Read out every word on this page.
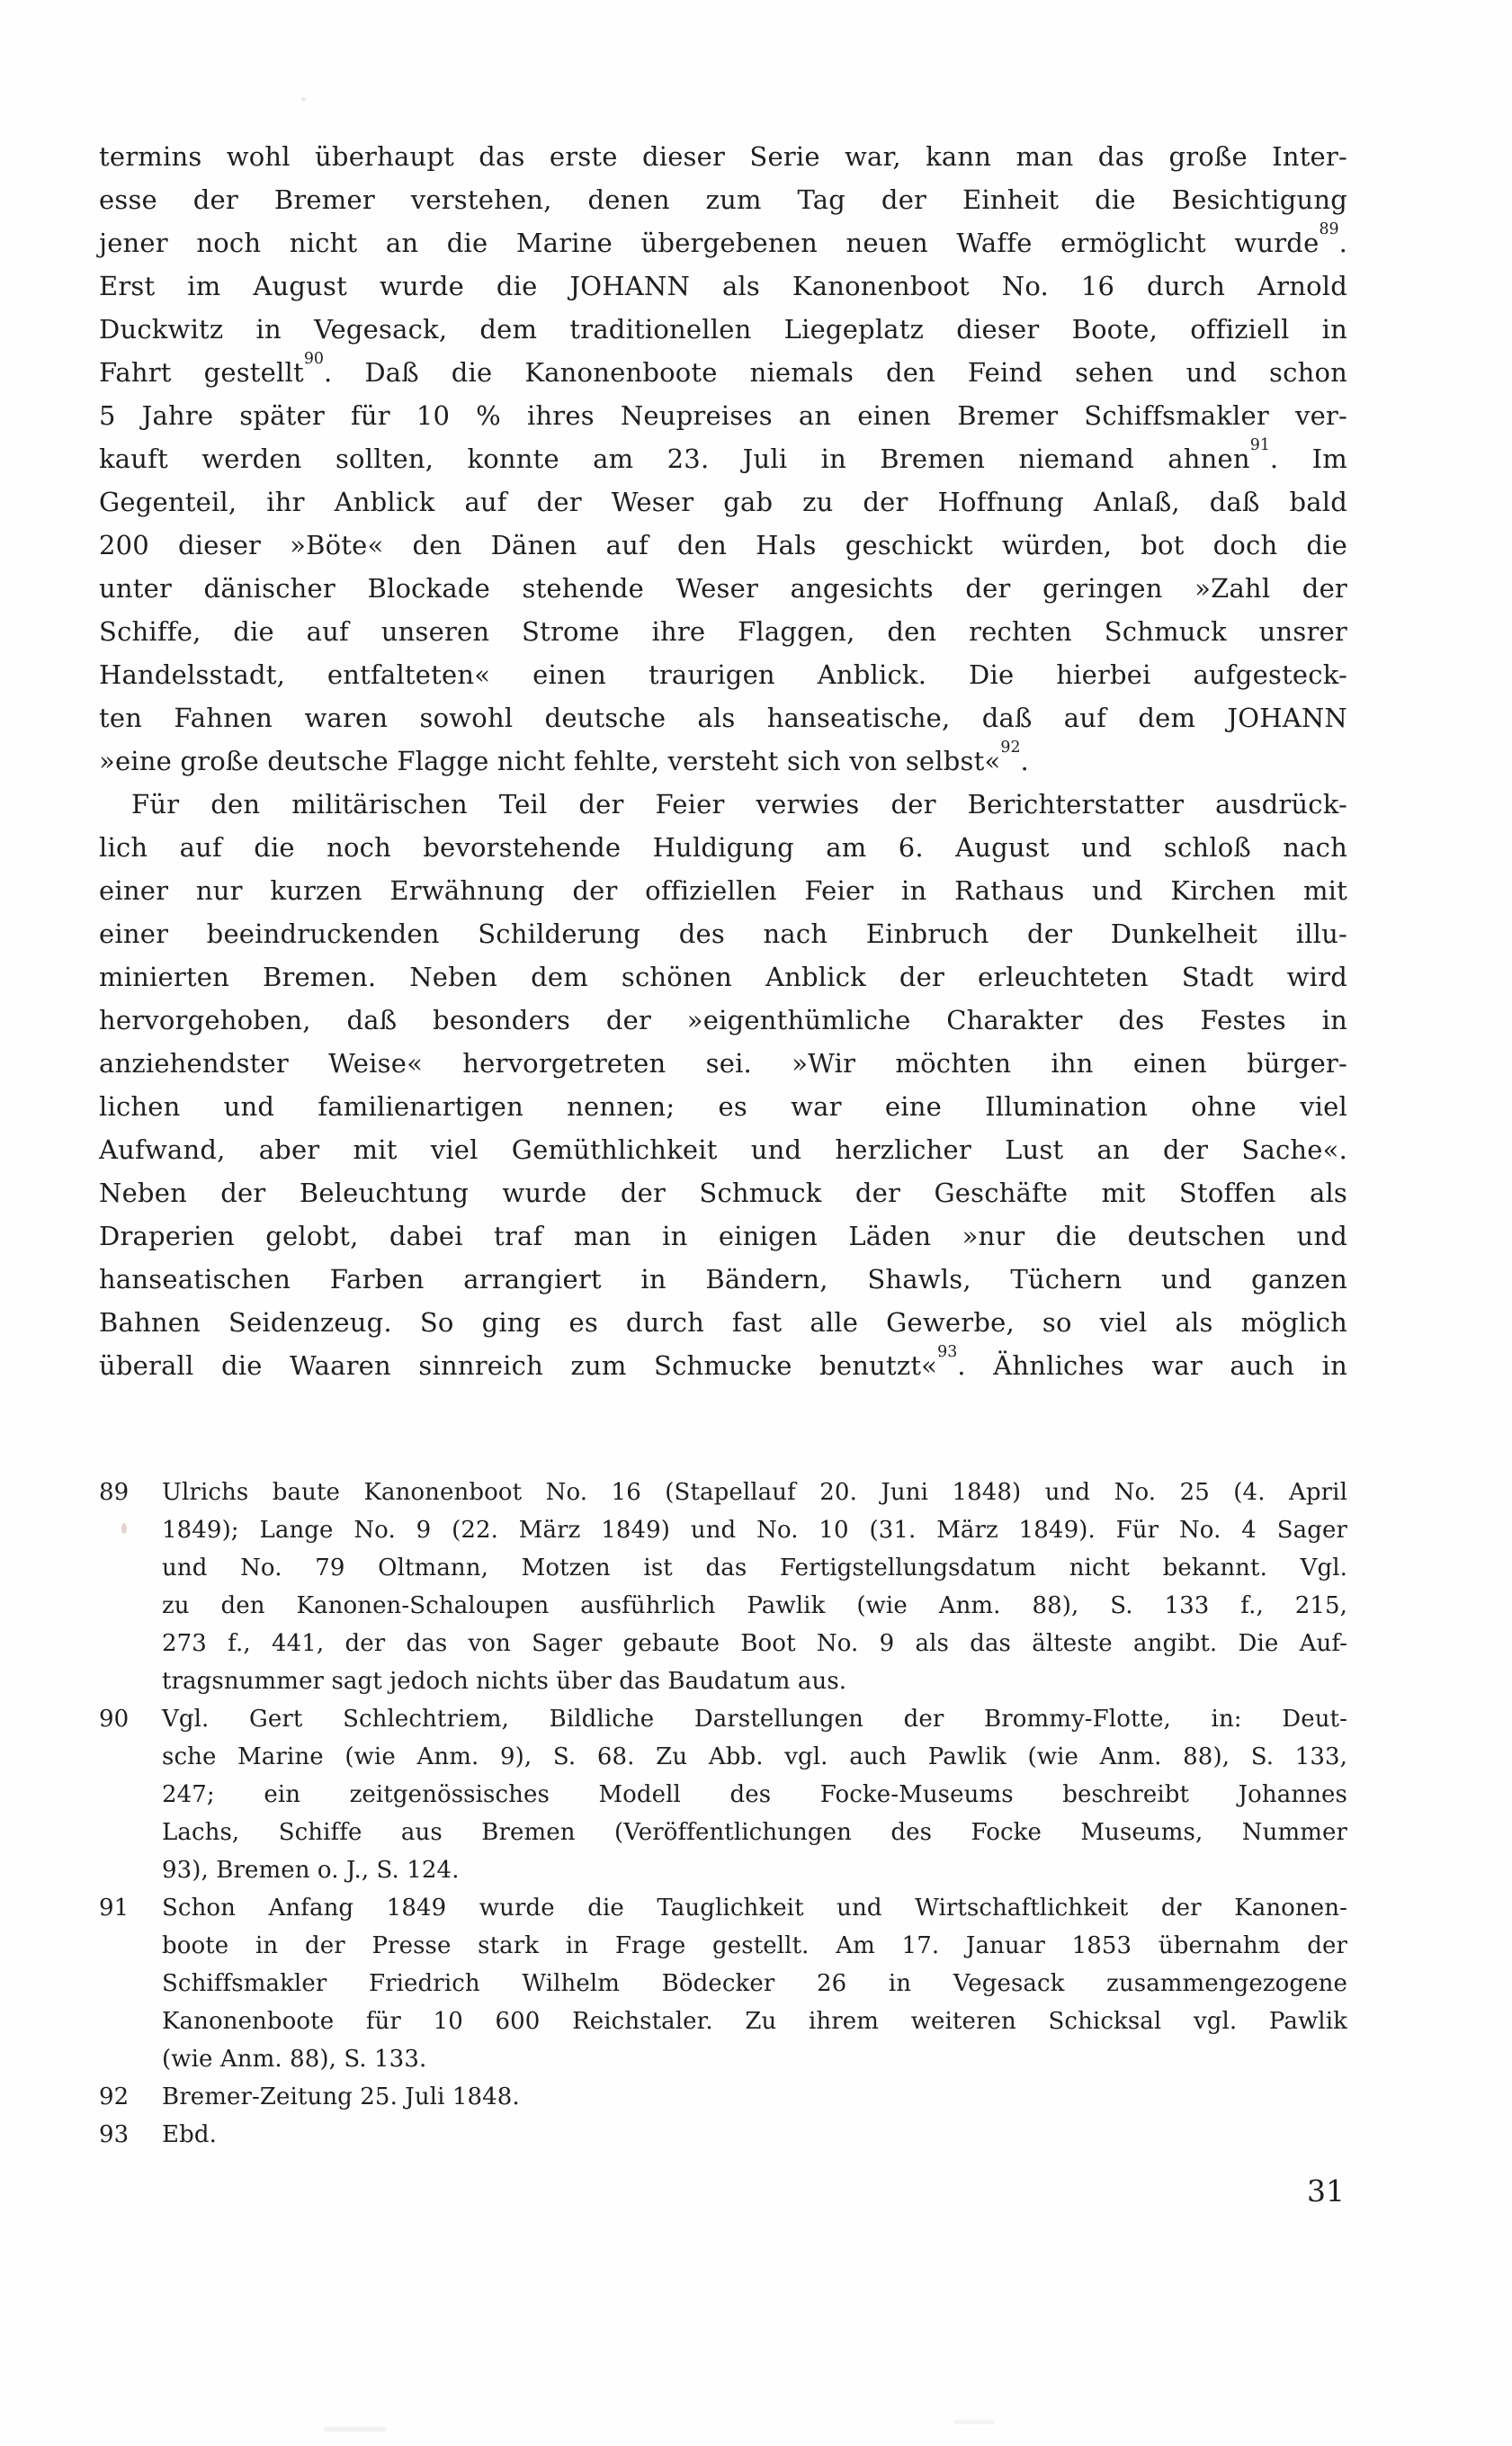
termins wohl überhaupt das erste dieser Serie war, kann man das große Inter-
esse der Bremer verstehen, denen zum Tag der Einheit die Besichtigung
jener noch nicht an die Marine übergebenen neuen Waffe ermöglicht wurde$^{89}$.
Erst im August wurde die JOHANN als Kanonenboot No. 16 durch Arnold
Duckwitz in Vegesack, dem traditionellen Liegeplatz dieser Boote, offiziell in
Fahrt gestellt$^{90}$. Daß die Kanonenboote niemals den Feind sehen und schon
5 Jahre später für 10 % ihres Neupreises an einen Bremer Schiffsmakler ver-
kauft werden sollten, konnte am 23. Juli in Bremen niemand ahnen$^{91}$. Im
Gegenteil, ihr Anblick auf der Weser gab zu der Hoffnung Anlaß, daß bald
200 dieser »Böte« den Dänen auf den Hals geschickt würden, bot doch die
unter dänischer Blockade stehende Weser angesichts der geringen »Zahl der
Schiffe, die auf unseren Strome ihre Flaggen, den rechten Schmuck unsrer
Handelsstadt, entfalteten« einen traurigen Anblick. Die hierbei aufgesteck-
ten Fahnen waren sowohl deutsche als hanseatische, daß auf dem JOHANN
»eine große deutsche Flagge nicht fehlte, versteht sich von selbst«$^{92}$.
Für den militärischen Teil der Feier verwies der Berichterstatter ausdrück-
lich auf die noch bevorstehende Huldigung am 6. August und schloß nach
einer nur kurzen Erwähnung der offiziellen Feier in Rathaus und Kirchen mit
einer beeindruckenden Schilderung des nach Einbruch der Dunkelheit illu-
minierten Bremen. Neben dem schönen Anblick der erleuchteten Stadt wird
hervorgehoben, daß besonders der »eigenthümliche Charakter des Festes in
anziehendster Weise« hervorgetreten sei. »Wir möchten ihn einen bürger-
lichen und familienartigen nennen; es war eine Illumination ohne viel
Aufwand, aber mit viel Gemüthlichkeit und herzlicher Lust an der Sache«.
Neben der Beleuchtung wurde der Schmuck der Geschäfte mit Stoffen als
Draperien gelobt, dabei traf man in einigen Läden »nur die deutschen und
hanseatischen Farben arrangiert in Bändern, Shawls, Tüchern und ganzen
Bahnen Seidenzeug. So ging es durch fast alle Gewerbe, so viel als möglich
überall die Waaren sinnreich zum Schmucke benutzt«$^{93}$. Ähnliches war auch in
89	Ulrichs baute Kanonenboot No. 16 (Stapellauf 20. Juni 1848) und No. 25 (4. April
1849); Lange No. 9 (22. März 1849) und No. 10 (31. März 1849). Für No. 4 Sager
und No. 79 Oltmann, Motzen ist das Fertigstellungsdatum nicht bekannt. Vgl.
zu den Kanonen-Schaloupen ausführlich Pawlik (wie Anm. 88), S. 133 f., 215,
273 f., 441, der das von Sager gebaute Boot No. 9 als das älteste angibt. Die Auf-
tragsnummer sagt jedoch nichts über das Baudatum aus.
90	Vgl. Gert Schlechtriem, Bildliche Darstellungen der Brommy-Flotte, in: Deut-
sche Marine (wie Anm. 9), S. 68. Zu Abb. vgl. auch Pawlik (wie Anm. 88), S. 133,
247; ein zeitgenössisches Modell des Focke-Museums beschreibt Johannes
Lachs, Schiffe aus Bremen (Veröffentlichungen des Focke Museums, Nummer
93), Bremen o. J., S. 124.
91	Schon Anfang 1849 wurde die Tauglichkeit und Wirtschaftlichkeit der Kanonen-
boote in der Presse stark in Frage gestellt. Am 17. Januar 1853 übernahm der
Schiffsmakler Friedrich Wilhelm Bödecker 26 in Vegesack zusammengezogene
Kanonenboote für 10 600 Reichstaler. Zu ihrem weiteren Schicksal vgl. Pawlik
(wie Anm. 88), S. 133.
92	Bremer-Zeitung 25. Juli 1848.
93	Ebd.
31
